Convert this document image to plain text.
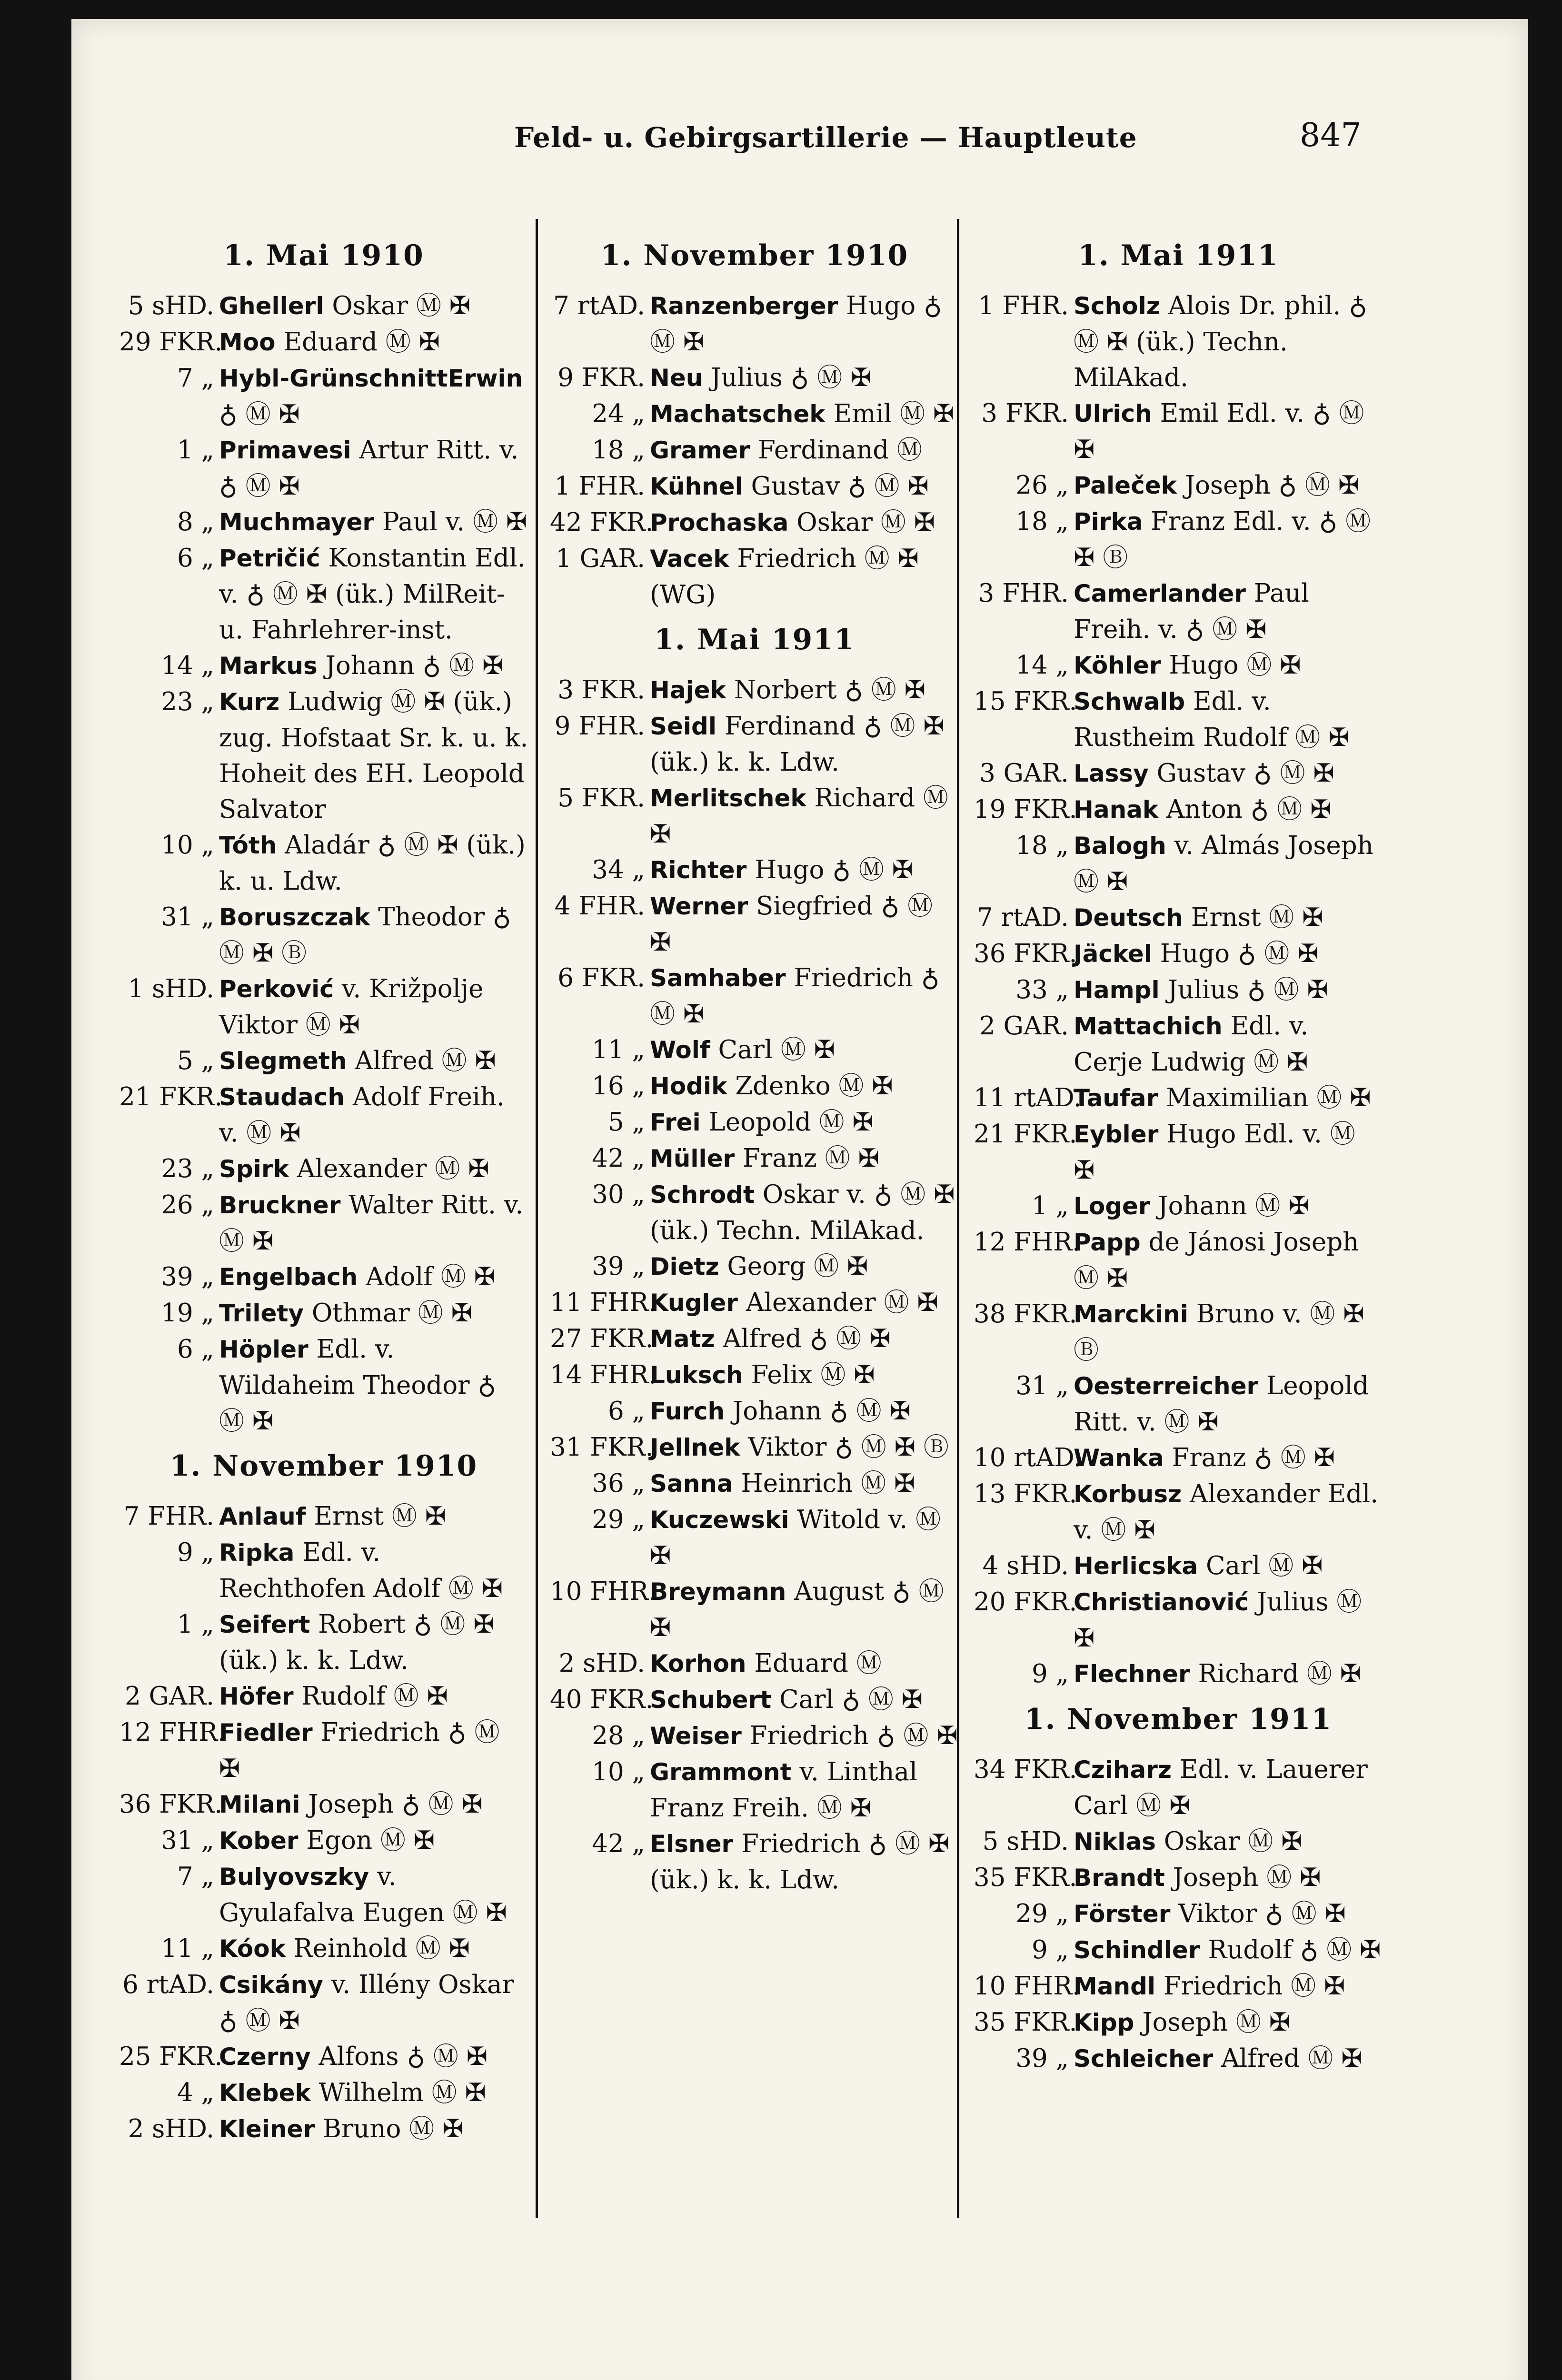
Feld- u. Gebirgsartillerie — Hauptleute	847
1. Mai 1910
5 sHD. Ghellerl Oskar Ⓜ ✠
29 FKR.
Moo Eduard Ⓜ ✠
7 „ Hybl-GrünschnittErwin ♁ Ⓜ ✠
1 „ Primavesi Artur Ritt. v. ♁ Ⓜ ✠
8 „ Muchmayer Paul v. Ⓜ ✠
6 „ Petričić Konstantin Edl. v. ♁ Ⓜ ✠ (ük.) MilReit- u. Fahrlehrer-inst.
14 „ Markus Johann ♁ Ⓜ ✠
23 „ Kurz Ludwig Ⓜ ✠ (ük.) zug. Hofstaat Sr. k. u. k. Hoheit des EH. Leopold Salvator
10 „ Tóth Aladár ♁ Ⓜ ✠ (ük.) k. u. Ldw.
31 „ Boruszczak Theodor ♁ Ⓜ ✠ Ⓑ
1 sHD. Perković v. Križpolje Viktor Ⓜ ✠
5 „ Slegmeth Alfred Ⓜ ✠
21 FKR.
Staudach Adolf Freih. v. Ⓜ ✠
23 „ Spirk Alexander Ⓜ ✠
26 „ Bruckner Walter Ritt. v. Ⓜ ✠
39 „ Engelbach Adolf Ⓜ ✠
19 „ Trilety Othmar Ⓜ ✠
6 „ Höpler Edl. v. Wildaheim Theodor ♁ Ⓜ ✠
1. November 1910
7 FHR. Anlauf Ernst Ⓜ ✠
9 „ Ripka Edl. v. Rechthofen Adolf Ⓜ ✠
1 „ Seifert Robert ♁ Ⓜ ✠ (ük.) k. k. Ldw.
2 GAR. Höfer Rudolf Ⓜ ✠
12 FHR.
Fiedler Friedrich ♁ Ⓜ ✠
36 FKR.
Milani Joseph ♁ Ⓜ ✠
31 „ Kober Egon Ⓜ ✠
7 „ Bulyovszky v. Gyulafalva Eugen Ⓜ ✠
11 „ Kóok Reinhold Ⓜ ✠
6 rtAD. Csikány v. Illény Oskar ♁ Ⓜ ✠
25 FKR.
Czerny Alfons ♁ Ⓜ ✠
4 „ Klebek Wilhelm Ⓜ ✠
2 sHD. Kleiner Bruno Ⓜ ✠
1. November 1910
7 rtAD. Ranzenberger Hugo ♁ Ⓜ ✠
9 FKR. Neu Julius ♁ Ⓜ ✠
24 „ Machatschek Emil Ⓜ ✠
18 „ Gramer Ferdinand Ⓜ
1 FHR. Kühnel Gustav ♁ Ⓜ ✠
42 FKR.
Prochaska Oskar Ⓜ ✠
1 GAR. Vacek Friedrich Ⓜ ✠ (WG)
1. Mai 1911
3 FKR. Hajek Norbert ♁ Ⓜ ✠
9 FHR. Seidl Ferdinand ♁ Ⓜ ✠ (ük.) k. k. Ldw.
5 FKR. Merlitschek Richard Ⓜ ✠
34 „ Richter Hugo ♁ Ⓜ ✠
4 FHR. Werner Siegfried ♁ Ⓜ ✠
6 FKR. Samhaber Friedrich ♁ Ⓜ ✠
11 „ Wolf Carl Ⓜ ✠
16 „ Hodik Zdenko Ⓜ ✠
5 „ Frei Leopold Ⓜ ✠
42 „ Müller Franz Ⓜ ✠
30 „ Schrodt Oskar v. ♁ Ⓜ ✠ (ük.) Techn. MilAkad.
39 „ Dietz Georg Ⓜ ✠
11 FHR.
Kugler Alexander Ⓜ ✠
27 FKR.
Matz Alfred ♁ Ⓜ ✠
14 FHR.
Luksch Felix Ⓜ ✠
6 „ Furch Johann ♁ Ⓜ ✠
31 FKR.
Jellnek Viktor ♁ Ⓜ ✠ Ⓑ
36 „ Sanna Heinrich Ⓜ ✠
29 „ Kuczewski Witold v. Ⓜ ✠
10 FHR.
Breymann August ♁ Ⓜ ✠
2 sHD. Korhon Eduard Ⓜ
40 FKR.
Schubert Carl ♁ Ⓜ ✠
28 „ Weiser Friedrich ♁ Ⓜ ✠
10 „ Grammont v. Linthal Franz Freih. Ⓜ ✠
42 „ Elsner Friedrich ♁ Ⓜ ✠ (ük.) k. k. Ldw.
1. Mai 1911
1 FHR. Scholz Alois Dr. phil. ♁ Ⓜ ✠ (ük.) Techn. MilAkad.
3 FKR. Ulrich Emil Edl. v. ♁ Ⓜ ✠
26 „ Paleček Joseph ♁ Ⓜ ✠
18 „ Pirka Franz Edl. v. ♁ Ⓜ ✠ Ⓑ
3 FHR. Camerlander Paul Freih. v. ♁ Ⓜ ✠
14 „ Köhler Hugo Ⓜ ✠
15 FKR.
Schwalb Edl. v. Rustheim Rudolf Ⓜ ✠
3 GAR. Lassy Gustav ♁ Ⓜ ✠
19 FKR.
Hanak Anton ♁ Ⓜ ✠
18 „ Balogh v. Almás Joseph Ⓜ ✠
7 rtAD. Deutsch Ernst Ⓜ ✠
36 FKR.
Jäckel Hugo ♁ Ⓜ ✠
33 „ Hampl Julius ♁ Ⓜ ✠
2 GAR. Mattachich Edl. v. Cerje Ludwig Ⓜ ✠
11 rtAD.
Taufar Maximilian Ⓜ ✠
21 FKR.
Eybler Hugo Edl. v. Ⓜ ✠
1 „ Loger Johann Ⓜ ✠
12 FHR.
Papp de Jánosi Joseph Ⓜ ✠
38 FKR.
Marckini Bruno v. Ⓜ ✠ Ⓑ
31 „ Oesterreicher Leopold Ritt. v. Ⓜ ✠
10 rtAD.
Wanka Franz ♁ Ⓜ ✠
13 FKR.
Korbusz Alexander Edl. v. Ⓜ ✠
4 sHD. Herlicska Carl Ⓜ ✠
20 FKR.
Christianović Julius Ⓜ ✠
9 „ Flechner Richard Ⓜ ✠
1. November 1911
34 FKR.
Cziharz Edl. v. Lauerer Carl Ⓜ ✠
5 sHD. Niklas Oskar Ⓜ ✠
35 FKR.
Brandt Joseph Ⓜ ✠
29 „ Förster Viktor ♁ Ⓜ ✠
9 „ Schindler Rudolf ♁ Ⓜ ✠
10 FHR.
Mandl Friedrich Ⓜ ✠
35 FKR.
Kipp Joseph Ⓜ ✠
39 „ Schleicher Alfred Ⓜ ✠
